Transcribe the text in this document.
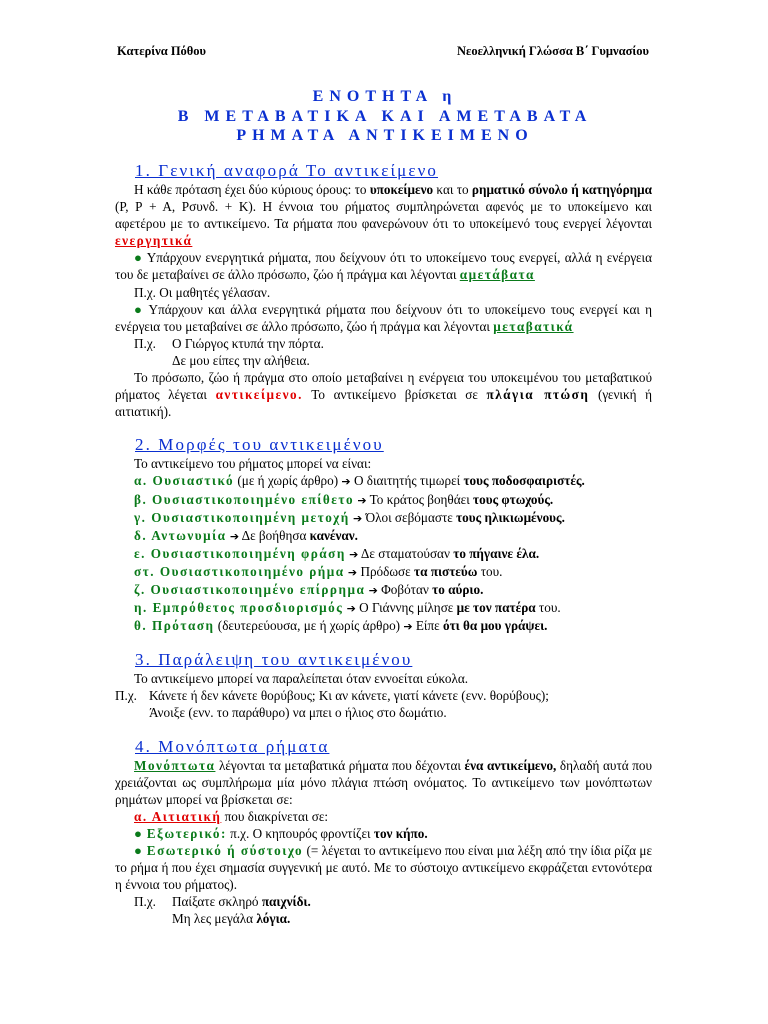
Κατερίνα Πόθου	Νεοελληνική Γλώσσα Β΄ Γυμνασίου
ΕΝΟΤΗΤΑ η
Β ΜΕΤΑΒΑΤΙΚΑ ΚΑΙ ΑΜΕΤΑΒΑΤΑ
ΡΗΜΑΤΑ ΑΝΤΙΚΕΙΜΕΝΟ
1. Γενική αναφορά Το αντικείμενο
Η κάθε πρόταση έχει δύο κύριους όρους: το υποκείμενο και το ρηματικό σύνολο ή κατηγόρημα (Ρ, Ρ + Α, Ρσυνδ. + Κ). Η έννοια του ρήματος συμπληρώνεται αφενός με το υποκείμενο και αφετέρου με το αντικείμενο. Τα ρήματα που φανερώνουν ότι το υποκείμενό τους ενεργεί λέγονται ενεργητικά
● Υπάρχουν ενεργητικά ρήματα, που δείχνουν ότι το υποκείμενο τους ενεργεί, αλλά η ενέργεια του δε μεταβαίνει σε άλλο πρόσωπο, ζώο ή πράγμα και λέγονται αμετάβατα
Π.χ. Οι μαθητές γέλασαν.
● Υπάρχουν και άλλα ενεργητικά ρήματα που δείχνουν ότι το υποκείμενο τους ενεργεί και η ενέργεια του μεταβαίνει σε άλλο πρόσωπο, ζώο ή πράγμα και λέγονται μεταβατικά
Π.χ.	Ο Γιώργος κτυπά την πόρτα.
Δε μου είπες την αλήθεια.
Το πρόσωπο, ζώο ή πράγμα στο οποίο μεταβαίνει η ενέργεια του υποκειμένου του μεταβατικού ρήματος λέγεται αντικείμενο. Το αντικείμενο βρίσκεται σε πλάγια πτώση (γενική ή αιτιατική).
2. Μορφές του αντικειμένου
Το αντικείμενο του ρήματος μπορεί να είναι:
α. Ουσιαστικό (με ή χωρίς άρθρο) ➔ Ο διαιτητής τιμωρεί τους ποδοσφαιριστές.
β. Ουσιαστικοποιημένο επίθετο ➔ Το κράτος βοηθάει τους φτωχούς.
γ. Ουσιαστικοποιημένη μετοχή ➔ Όλοι σεβόμαστε τους ηλικιωμένους.
δ. Αντωνυμία ➔ Δε βοήθησα κανέναν.
ε. Ουσιαστικοποιημένη φράση ➔ Δε σταματούσαν το πήγαινε έλα.
στ. Ουσιαστικοποιημένο ρήμα ➔ Πρόδωσε τα πιστεύω του.
ζ. Ουσιαστικοποιημένο επίρρημα ➔ Φοβόταν το αύριο.
η. Εμπρόθετος προσδιορισμός ➔ Ο Γιάννης μίλησε με τον πατέρα του.
θ. Πρόταση (δευτερεύουσα, με ή χωρίς άρθρο) ➔ Είπε ότι θα μου γράψει.
3. Παράλειψη του αντικειμένου
Το αντικείμενο μπορεί να παραλείπεται όταν εννοείται εύκολα.
Π.χ. Κάνετε ή δεν κάνετε θορύβους; Κι αν κάνετε, γιατί κάνετε (ενν. θορύβους);
Άνοιξε (ενν. το παράθυρο) να μπει ο ήλιος στο δωμάτιο.
4. Μονόπτωτα ρήματα
Μονόπτωτα λέγονται τα μεταβατικά ρήματα που δέχονται ένα αντικείμενο, δηλαδή αυτά που χρειάζονται ως συμπλήρωμα μία μόνο πλάγια πτώση ονόματος. Το αντικείμενο των μονόπτωτων ρημάτων μπορεί να βρίσκεται σε:
α. Αιτιατική που διακρίνεται σε:
● Εξωτερικό: π.χ. Ο κηπουρός φροντίζει τον κήπο.
● Εσωτερικό ή σύστοιχο (= λέγεται το αντικείμενο που είναι μια λέξη από την ίδια ρίζα με το ρήμα ή που έχει σημασία συγγενική με αυτό. Με το σύστοιχο αντικείμενο εκφράζεται εντονότερα η έννοια του ρήματος).
Π.χ.	Παίξατε σκληρό παιχνίδι.
Μη λες μεγάλα λόγια.
